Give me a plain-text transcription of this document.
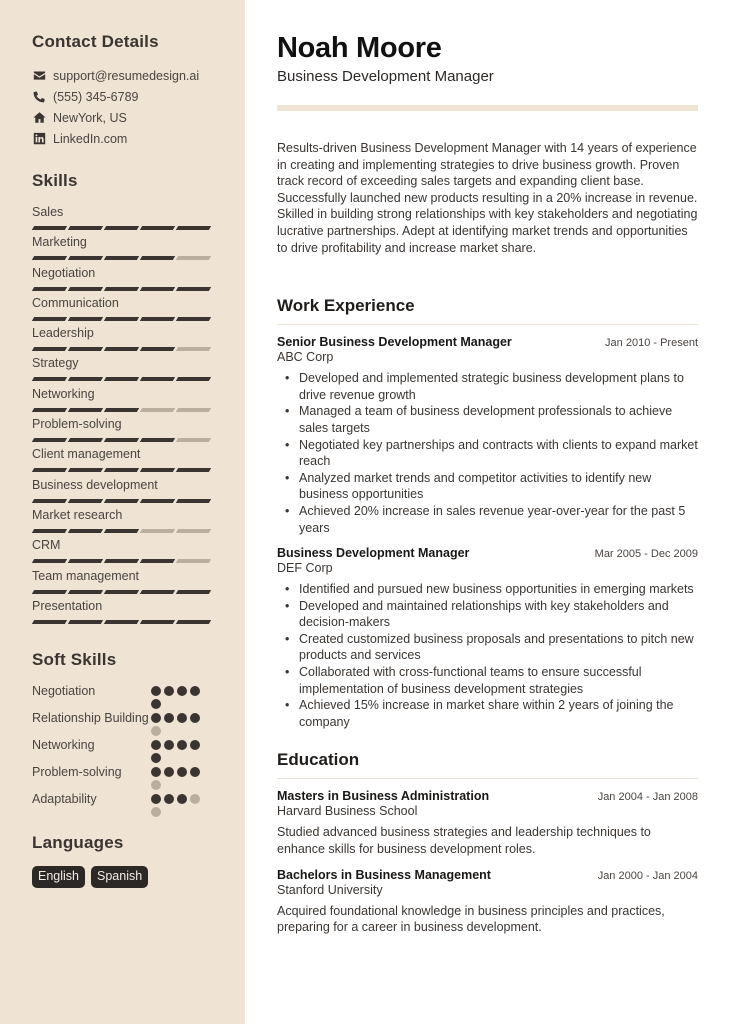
Contact Details
support@resumedesign.ai
(555) 345-6789
NewYork, US
LinkedIn.com
Skills
Sales
Marketing
Negotiation
Communication
Leadership
Strategy
Networking
Problem-solving
Client management
Business development
Market research
CRM
Team management
Presentation
Soft Skills
Negotiation
Relationship Building
Networking
Problem-solving
Adaptability
Languages
English	Spanish
Noah Moore
Business Development Manager

Results-driven Business Development Manager with 14 years of experience in creating and implementing strategies to drive business growth. Proven track record of exceeding sales targets and expanding client base. Successfully launched new products resulting in a 20% increase in revenue. Skilled in building strong relationships with key stakeholders and negotiating lucrative partnerships. Adept at identifying market trends and opportunities to drive profitability and increase market share.

Work Experience
Senior Business Development Manager	Jan 2010 - Present
ABC Corp
• Developed and implemented strategic business development plans to drive revenue growth
• Managed a team of business development professionals to achieve sales targets
• Negotiated key partnerships and contracts with clients to expand market reach
• Analyzed market trends and competitor activities to identify new business opportunities
• Achieved 20% increase in sales revenue year-over-year for the past 5 years
Business Development Manager	Mar 2005 - Dec 2009
DEF Corp
• Identified and pursued new business opportunities in emerging markets
• Developed and maintained relationships with key stakeholders and decision-makers
• Created customized business proposals and presentations to pitch new products and services
• Collaborated with cross-functional teams to ensure successful implementation of business development strategies
• Achieved 15% increase in market share within 2 years of joining the company
Education
Masters in Business Administration	Jan 2004 - Jan 2008
Harvard Business School

Studied advanced business strategies and leadership techniques to enhance skills for business development roles.

Bachelors in Business Management	Jan 2000 - Jan 2004
Stanford University

Acquired foundational knowledge in business principles and practices, preparing for a career in business development.
